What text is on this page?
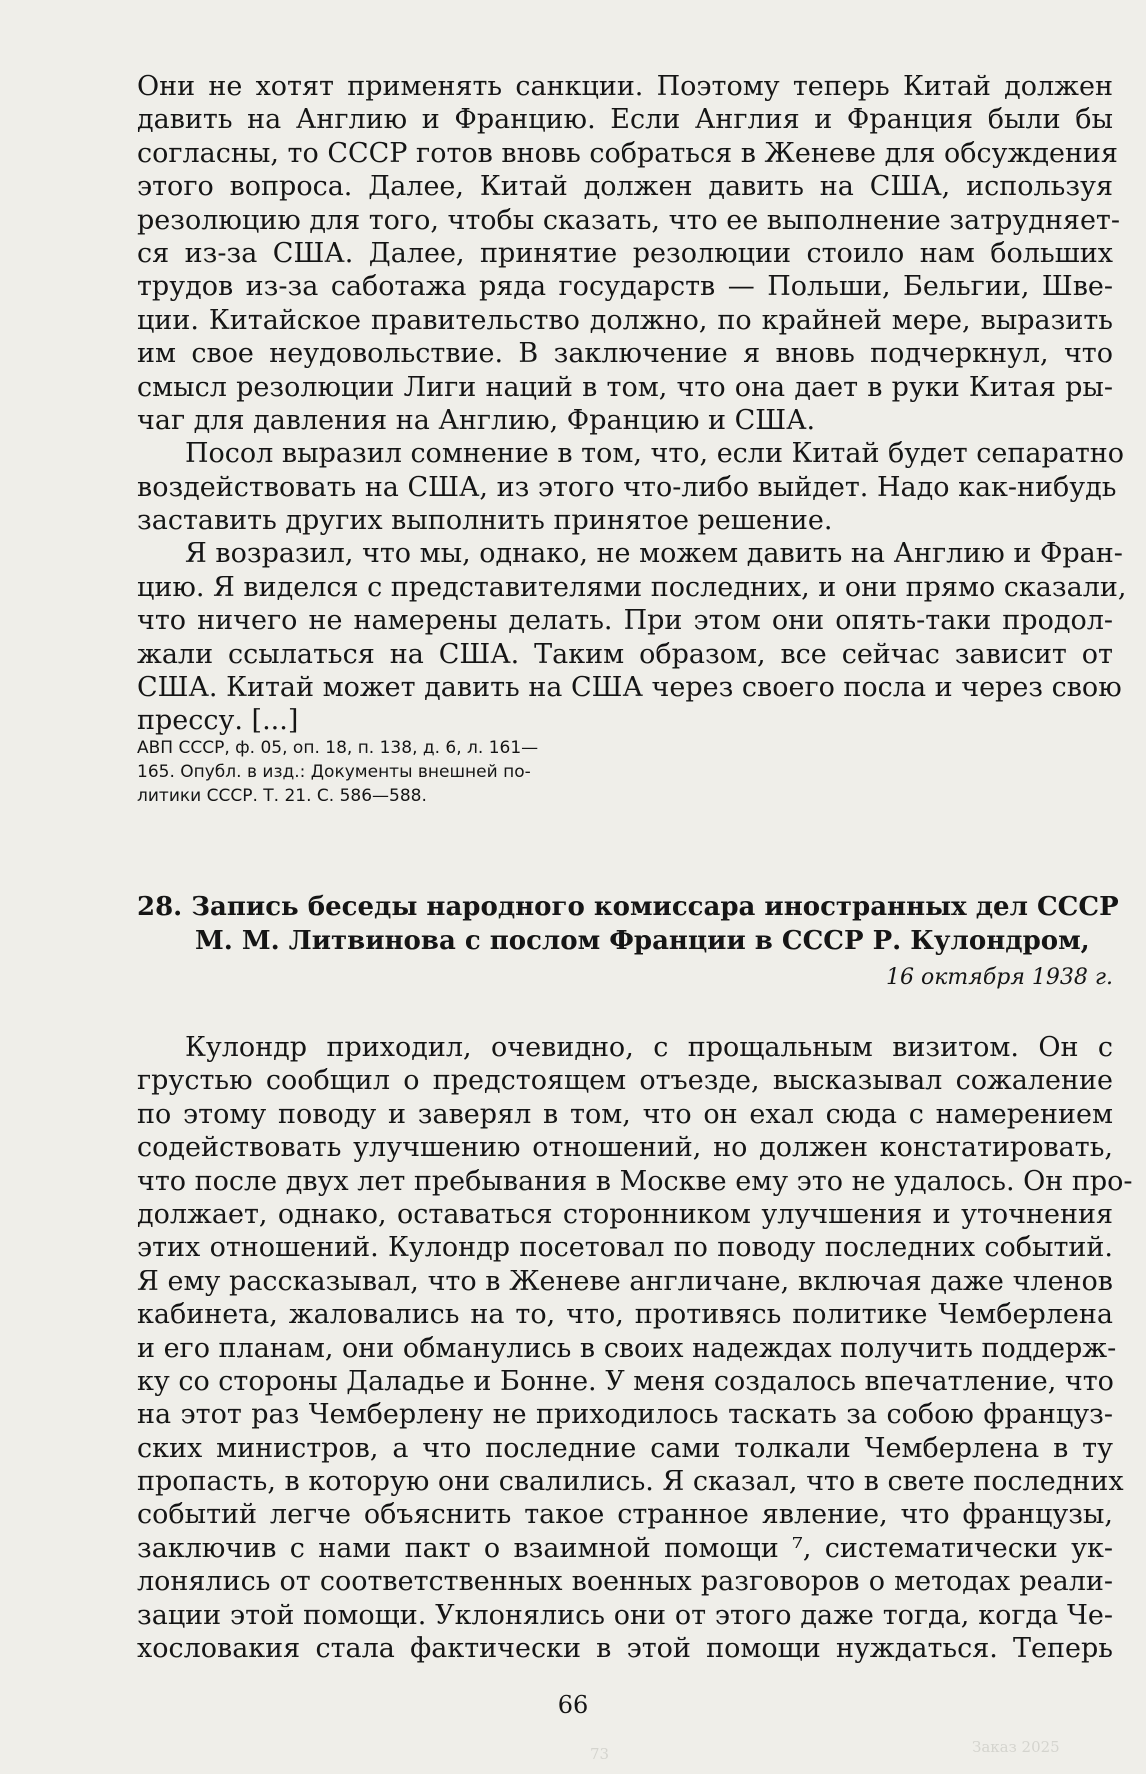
Они не хотят применять санкции. Поэтому теперь Китай должен
давить на Англию и Францию. Если Англия и Франция были бы
согласны, то СССР готов вновь собраться в Женеве для обсуждения
этого вопроса. Далее, Китай должен давить на США, используя
резолюцию для того, чтобы сказать, что ее выполнение затрудняет-
ся из-за США. Далее, принятие резолюции стоило нам больших
трудов из-за саботажа ряда государств — Польши, Бельгии, Шве-
ции. Китайское правительство должно, по крайней мере, выразить
им свое неудовольствие. В заключение я вновь подчеркнул, что
смысл резолюции Лиги наций в том, что она дает в руки Китая ры-
чаг для давления на Англию, Францию и США.
Посол выразил сомнение в том, что, если Китай будет сепаратно
воздействовать на США, из этого что-либо выйдет. Надо как-нибудь
заставить других выполнить принятое решение.
Я возразил, что мы, однако, не можем давить на Англию и Фран-
цию. Я виделся с представителями последних, и они прямо сказали,
что ничего не намерены делать. При этом они опять-таки продол-
жали ссылаться на США. Таким образом, все сейчас зависит от
США. Китай может давить на США через своего посла и через свою
прессу. [...]
АВП СССР, ф. 05, оп. 18, п. 138, д. 6, л. 161—
165. Опубл. в изд.: Документы внешней по-
литики СССР. Т. 21. С. 586—588.
28. Запись беседы народного комиссара иностранных дел СССР
М. М. Литвинова с послом Франции в СССР Р. Кулондром,
16 октября 1938 г.
Кулондр приходил, очевидно, с прощальным визитом. Он с
грустью сообщил о предстоящем отъезде, высказывал сожаление
по этому поводу и заверял в том, что он ехал сюда с намерением
содействовать улучшению отношений, но должен констатировать,
что после двух лет пребывания в Москве ему это не удалось. Он про-
должает, однако, оставаться сторонником улучшения и уточнения
этих отношений. Кулондр посетовал по поводу последних событий.
Я ему рассказывал, что в Женеве англичане, включая даже членов
кабинета, жаловались на то, что, противясь политике Чемберлена
и его планам, они обманулись в своих надеждах получить поддерж-
ку со стороны Даладье и Бонне. У меня создалось впечатление, что
на этот раз Чемберлену не приходилось таскать за собою француз-
ских министров, а что последние сами толкали Чемберлена в ту
пропасть, в которую они свалились. Я сказал, что в свете последних
событий легче объяснить такое странное явление, что французы,
заключив с нами пакт о взаимной помощи ⁷, систематически ук-
лонялись от соответственных военных разговоров о методах реали-
зации этой помощи. Уклонялись они от этого даже тогда, когда Че-
хословакия стала фактически в этой помощи нуждаться. Теперь
66
Заказ 2025
73
